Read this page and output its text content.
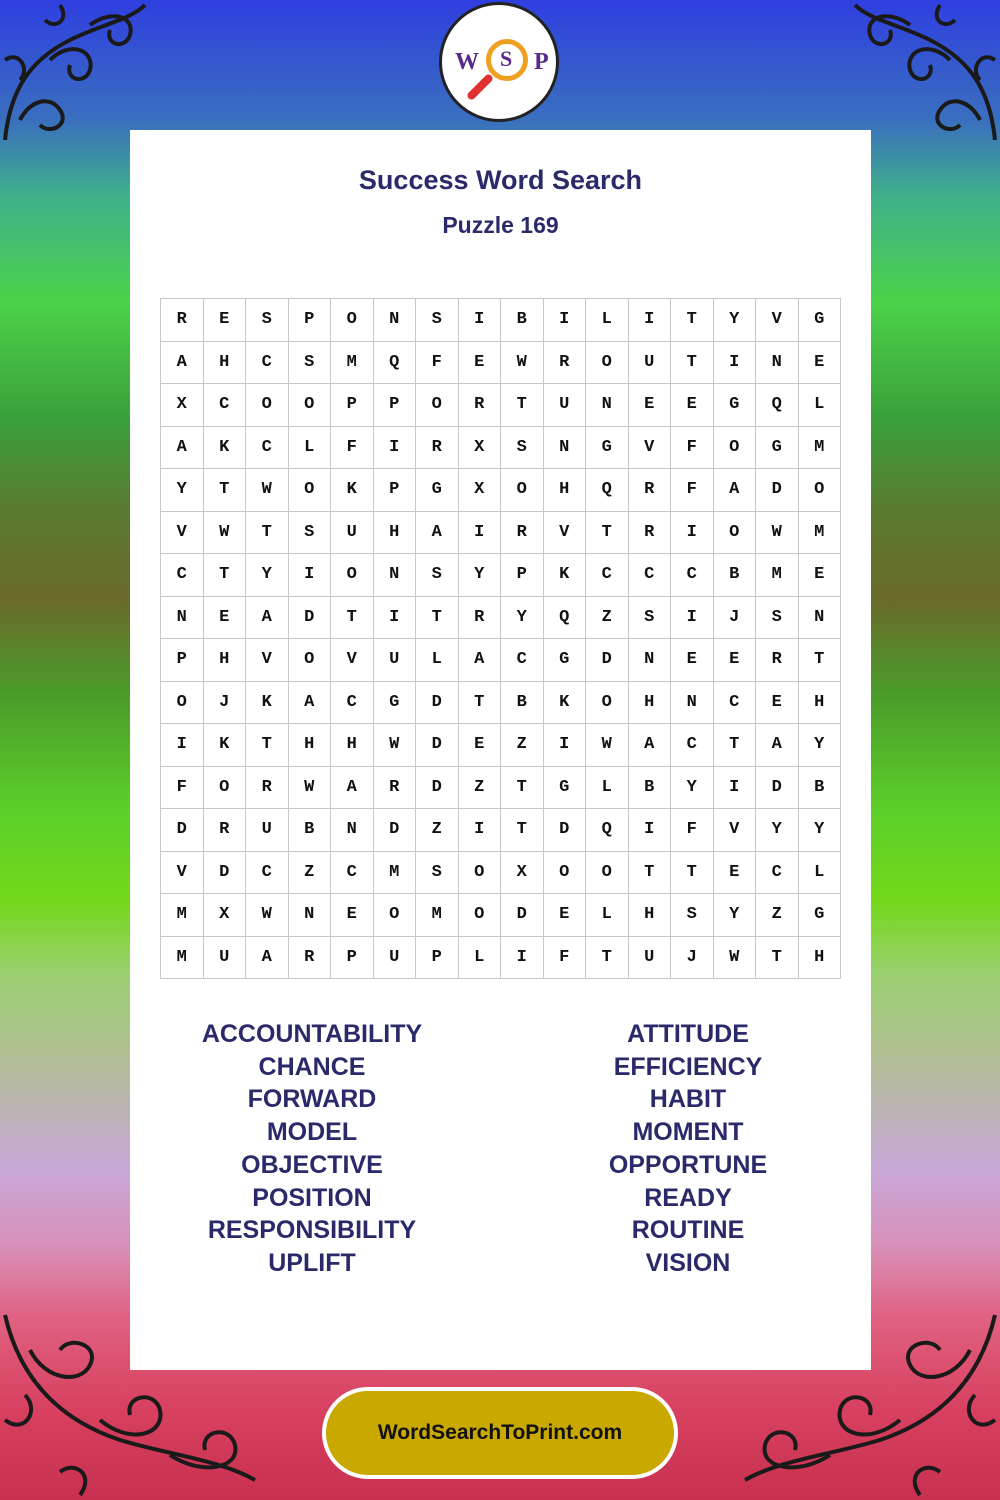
W S P
Success Word Search
Puzzle 169
R	E	S	P	O	N	S	I	B	I	L	I	T	Y	V	G
A	H	C	S	M	Q	F	E	W	R	O	U	T	I	N	E
X	C	O	O	P	P	O	R	T	U	N	E	E	G	Q	L
A	K	C	L	F	I	R	X	S	N	G	V	F	O	G	M
Y	T	W	O	K	P	G	X	O	H	Q	R	F	A	D	O
V	W	T	S	U	H	A	I	R	V	T	R	I	O	W	M
C	T	Y	I	O	N	S	Y	P	K	C	C	C	B	M	E
N	E	A	D	T	I	T	R	Y	Q	Z	S	I	J	S	N
P	H	V	O	V	U	L	A	C	G	D	N	E	E	R	T
O	J	K	A	C	G	D	T	B	K	O	H	N	C	E	H
I	K	T	H	H	W	D	E	Z	I	W	A	C	T	A	Y
F	O	R	W	A	R	D	Z	T	G	L	B	Y	I	D	B
D	R	U	B	N	D	Z	I	T	D	Q	I	F	V	Y	Y
V	D	C	Z	C	M	S	O	X	O	O	T	T	E	C	L
M	X	W	N	E	O	M	O	D	E	L	H	S	Y	Z	G
M	U	A	R	P	U	P	L	I	F	T	U	J	W	T	H
ACCOUNTABILITY
CHANCE
FORWARD
MODEL
OBJECTIVE
POSITION
RESPONSIBILITY
UPLIFT
ATTITUDE
EFFICIENCY
HABIT
MOMENT
OPPORTUNE
READY
ROUTINE
VISION
WordSearchToPrint.com
